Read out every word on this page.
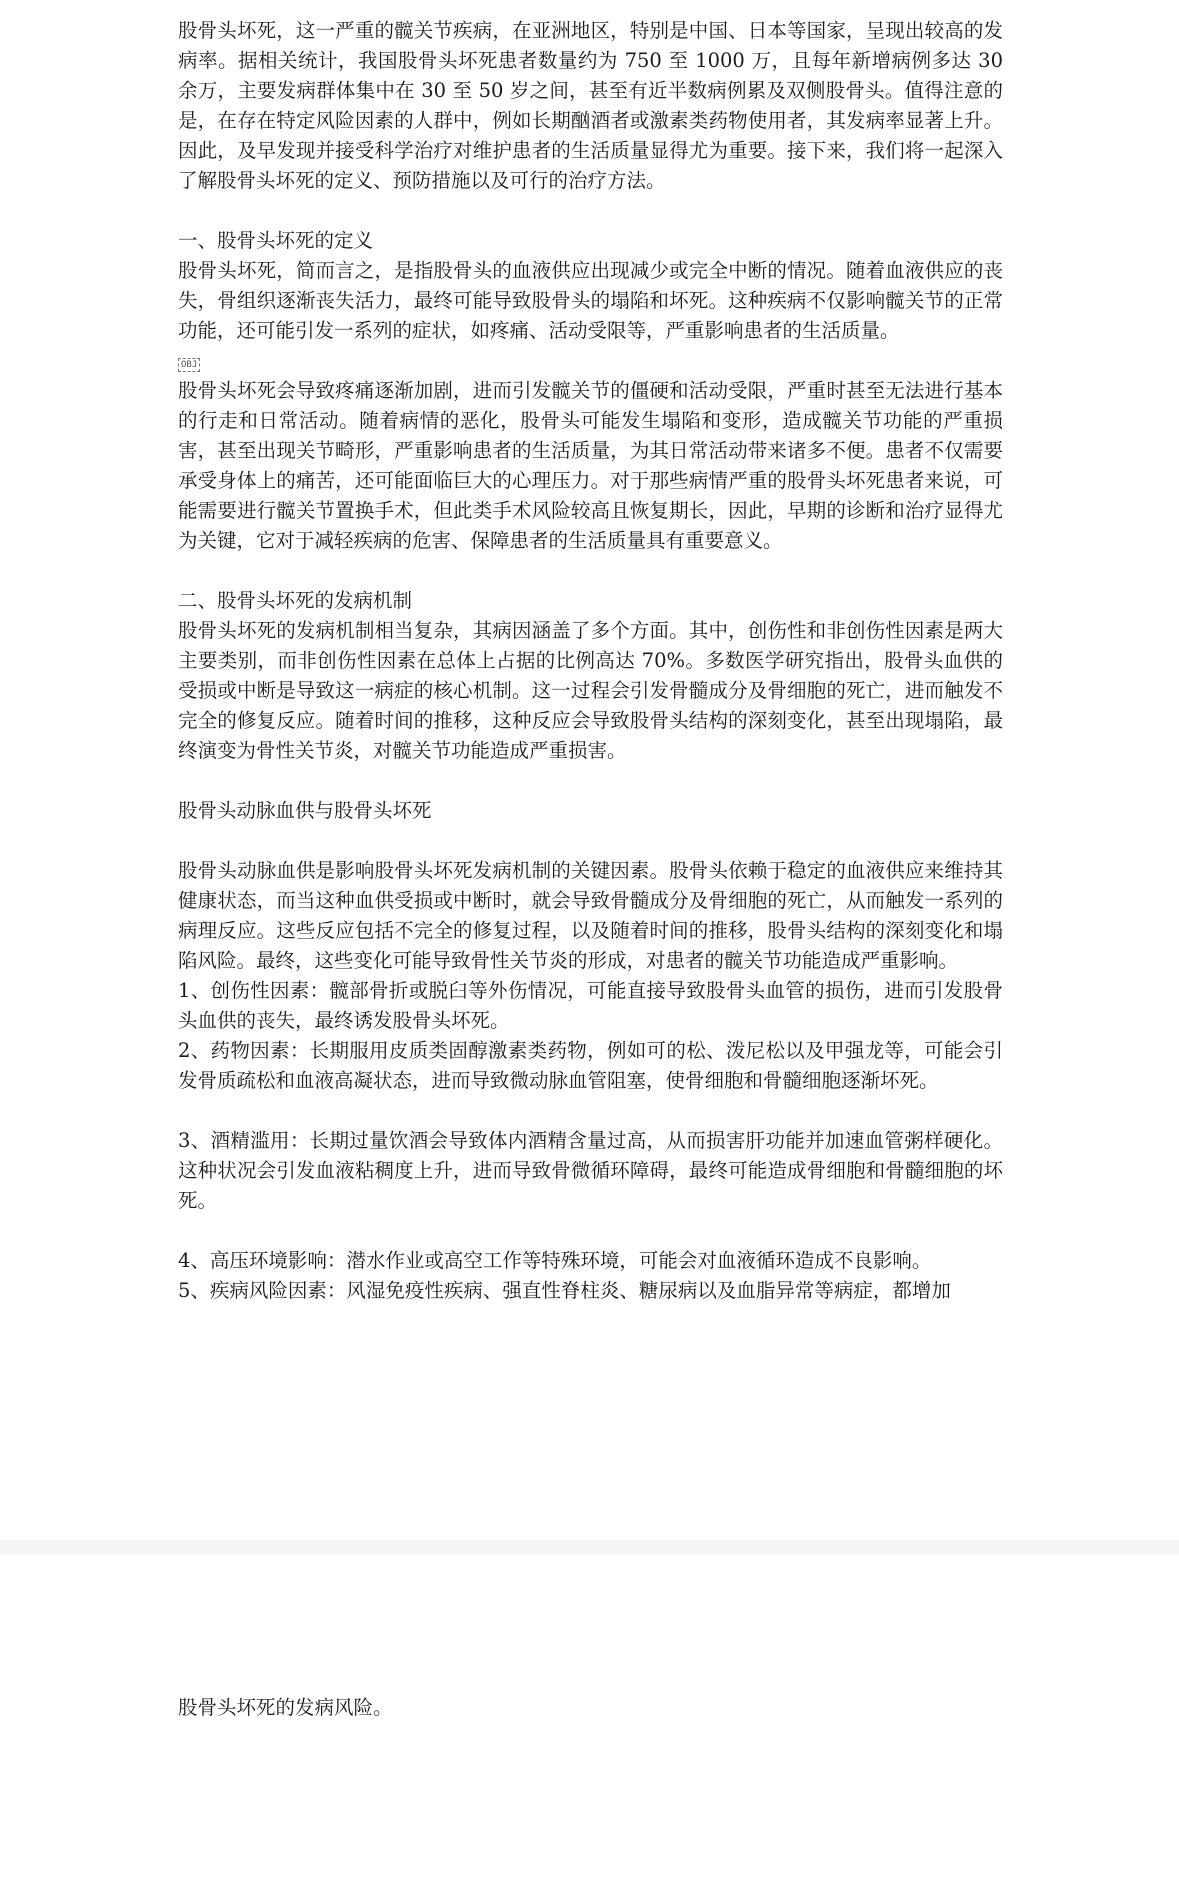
股骨头坏死，这一严重的髋关节疾病，在亚洲地区，特别是中国、日本等国家，呈现出较高的发病率。据相关统计，我国股骨头坏死患者数量约为 750 至 1000 万，且每年新增病例多达 30 余万，主要发病群体集中在 30 至 50 岁之间，甚至有近半数病例累及双侧股骨头。值得注意的是，在存在特定风险因素的人群中，例如长期酗酒者或激素类药物使用者，其发病率显著上升。因此，及早发现并接受科学治疗对维护患者的生活质量显得尤为重要。接下来，我们将一起深入了解股骨头坏死的定义、预防措施以及可行的治疗方法。

一、股骨头坏死的定义

股骨头坏死，简而言之，是指股骨头的血液供应出现减少或完全中断的情况。随着血液供应的丧失，骨组织逐渐丧失活力，最终可能导致股骨头的塌陷和坏死。这种疾病不仅影响髋关节的正常功能，还可能引发一系列的症状，如疼痛、活动受限等，严重影响患者的生活质量。

OBJ

股骨头坏死会导致疼痛逐渐加剧，进而引发髋关节的僵硬和活动受限，严重时甚至无法进行基本的行走和日常活动。随着病情的恶化，股骨头可能发生塌陷和变形，造成髋关节功能的严重损害，甚至出现关节畸形，严重影响患者的生活质量，为其日常活动带来诸多不便。患者不仅需要承受身体上的痛苦，还可能面临巨大的心理压力。对于那些病情严重的股骨头坏死患者来说，可能需要进行髋关节置换手术，但此类手术风险较高且恢复期长，因此，早期的诊断和治疗显得尤为关键，它对于减轻疾病的危害、保障患者的生活质量具有重要意义。

二、股骨头坏死的发病机制

股骨头坏死的发病机制相当复杂，其病因涵盖了多个方面。其中，创伤性和非创伤性因素是两大主要类别，而非创伤性因素在总体上占据的比例高达 70%。多数医学研究指出，股骨头血供的受损或中断是导致这一病症的核心机制。这一过程会引发骨髓成分及骨细胞的死亡，进而触发不完全的修复反应。随着时间的推移，这种反应会导致股骨头结构的深刻变化，甚至出现塌陷，最终演变为骨性关节炎，对髋关节功能造成严重损害。

股骨头动脉血供与股骨头坏死

股骨头动脉血供是影响股骨头坏死发病机制的关键因素。股骨头依赖于稳定的血液供应来维持其健康状态，而当这种血供受损或中断时，就会导致骨髓成分及骨细胞的死亡，从而触发一系列的病理反应。这些反应包括不完全的修复过程，以及随着时间的推移，股骨头结构的深刻变化和塌陷风险。最终，这些变化可能导致骨性关节炎的形成，对患者的髋关节功能造成严重影响。

1、创伤性因素：髋部骨折或脱臼等外伤情况，可能直接导致股骨头血管的损伤，进而引发股骨头血供的丧失，最终诱发股骨头坏死。

2、药物因素：长期服用皮质类固醇激素类药物，例如可的松、泼尼松以及甲强龙等，可能会引发骨质疏松和血液高凝状态，进而导致微动脉血管阻塞，使骨细胞和骨髓细胞逐渐坏死。

3、酒精滥用：长期过量饮酒会导致体内酒精含量过高，从而损害肝功能并加速血管粥样硬化。这种状况会引发血液粘稠度上升，进而导致骨微循环障碍，最终可能造成骨细胞和骨髓细胞的坏死。

4、高压环境影响：潜水作业或高空工作等特殊环境，可能会对血液循环造成不良影响。

5、疾病风险因素：风湿免疫性疾病、强直性脊柱炎、糖尿病以及血脂异常等病症，都增加

股骨头坏死的发病风险。
